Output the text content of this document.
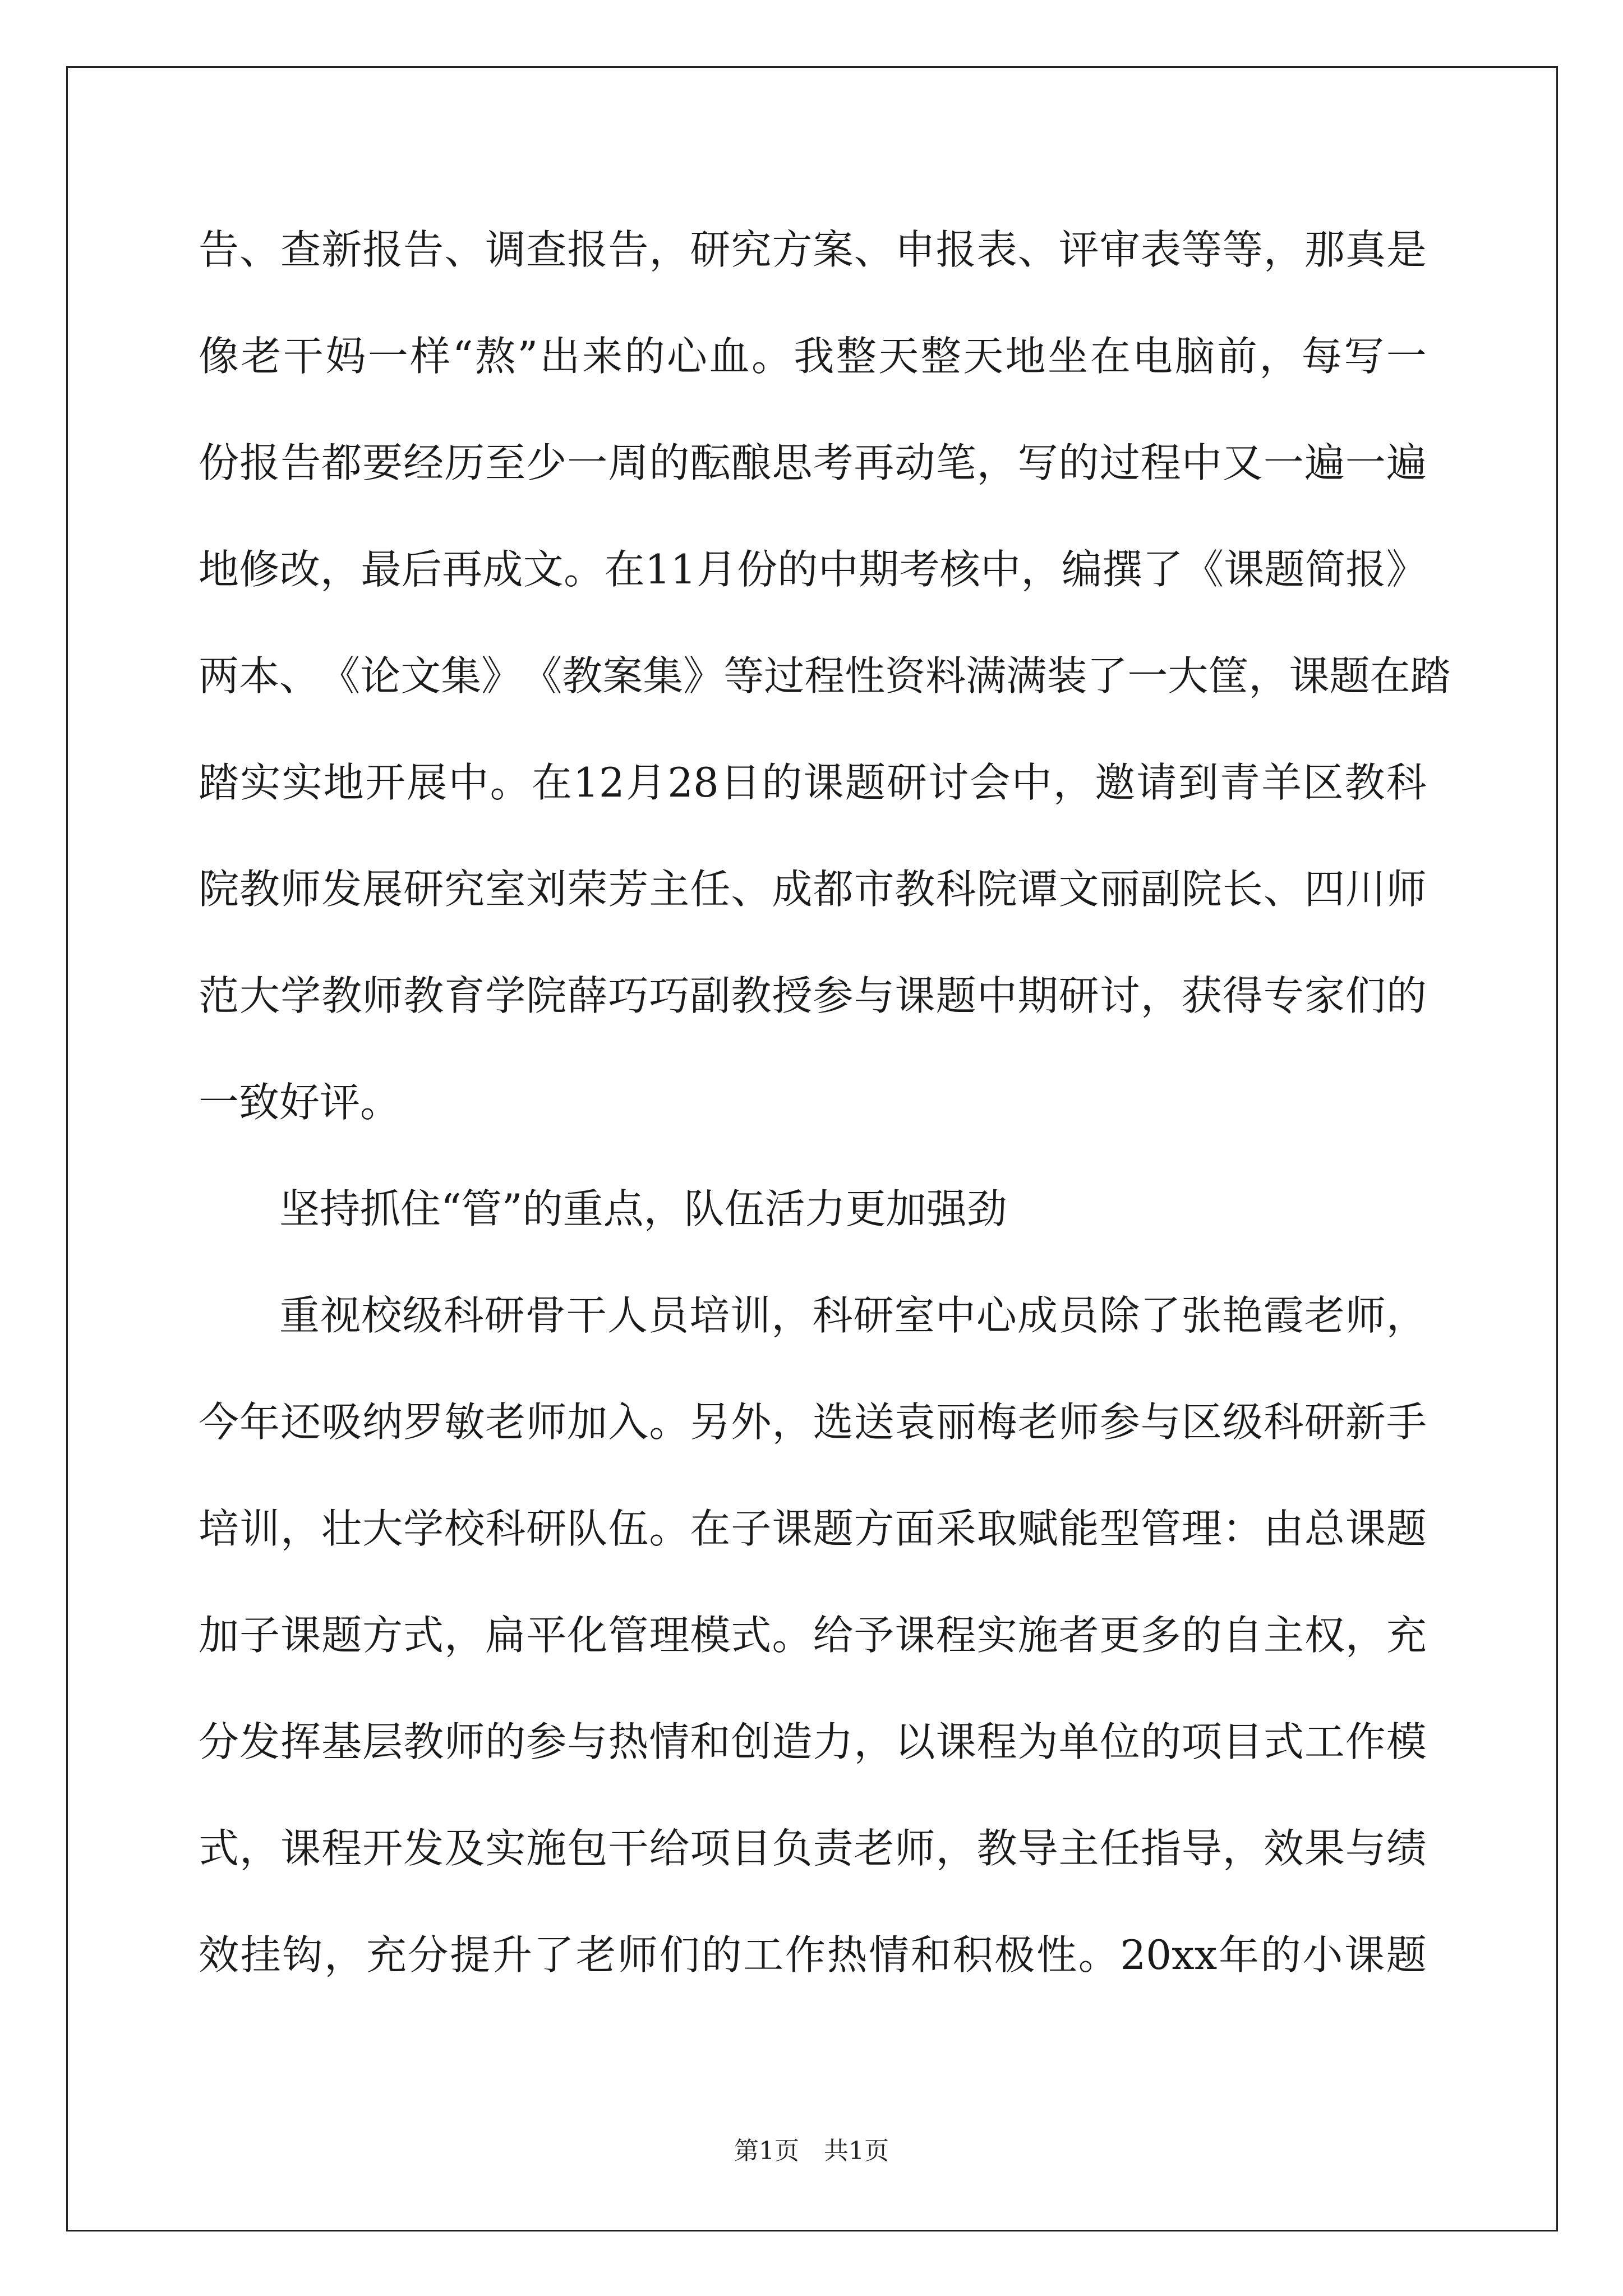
告 、 查 新 报 告 、 调 查 报 告 ， 研 究 方 案 、 申 报 表 、 评 审 表 等 等 ， 那 真 是
像 老 干 妈 一 样 “ 熬 ” 出 来 的 心 血 。 我 整 天 整 天 地 坐 在 电 脑 前 ， 每 写 一
份 报 告 都 要 经 历 至 少 一 周 的 酝 酿 思 考 再 动 笔 ， 写 的 过 程 中 又 一 遍 一 遍
地 修 改 ， 最 后 再 成 文 。 在 11 月 份 的 中 期 考 核 中 ， 编 撰 了 《 课 题 简 报 》
两 本 、 《 论 文 集 》 《 教 案 集 》 等 过 程 性 资 料 满 满 装 了 一 大 筐 ， 课 题 在 踏
踏 实 实 地 开 展 中 。 在 12 月 28 日 的 课 题 研 讨 会 中 ， 邀 请 到 青 羊 区 教 科
院 教 师 发 展 研 究 室 刘 荣 芳 主 任 、 成 都 市 教 科 院 谭 文 丽 副 院 长 、 四 川 师
范 大 学 教 师 教 育 学 院 薛 巧 巧 副 教 授 参 与 课 题 中 期 研 讨 ， 获 得 专 家 们 的
一致好评。
坚持抓住“管”的重点，队伍活力更加强劲
重 视 校 级 科 研 骨 干 人 员 培 训 ， 科 研 室 中 心 成 员 除 了 张 艳 霞 老 师 ，
今 年 还 吸 纳 罗 敏 老 师 加 入 。 另 外 ， 选 送 袁 丽 梅 老 师 参 与 区 级 科 研 新 手
培 训 ， 壮 大 学 校 科 研 队 伍 。 在 子 课 题 方 面 采 取 赋 能 型 管 理 ： 由 总 课 题
加 子 课 题 方 式 ， 扁 平 化 管 理 模 式 。 给 予 课 程 实 施 者 更 多 的 自 主 权 ， 充
分 发 挥 基 层 教 师 的 参 与 热 情 和 创 造 力 ， 以 课 程 为 单 位 的 项 目 式 工 作 模
式 ， 课 程 开 发 及 实 施 包 干 给 项 目 负 责 老 师 ， 教 导 主 任 指 导 ， 效 果 与 绩
效 挂 钩 ， 充 分 提 升 了 老 师 们 的 工 作 热 情 和 积 极 性 。 20xx 年 的 小 课 题
第1页　共1页
